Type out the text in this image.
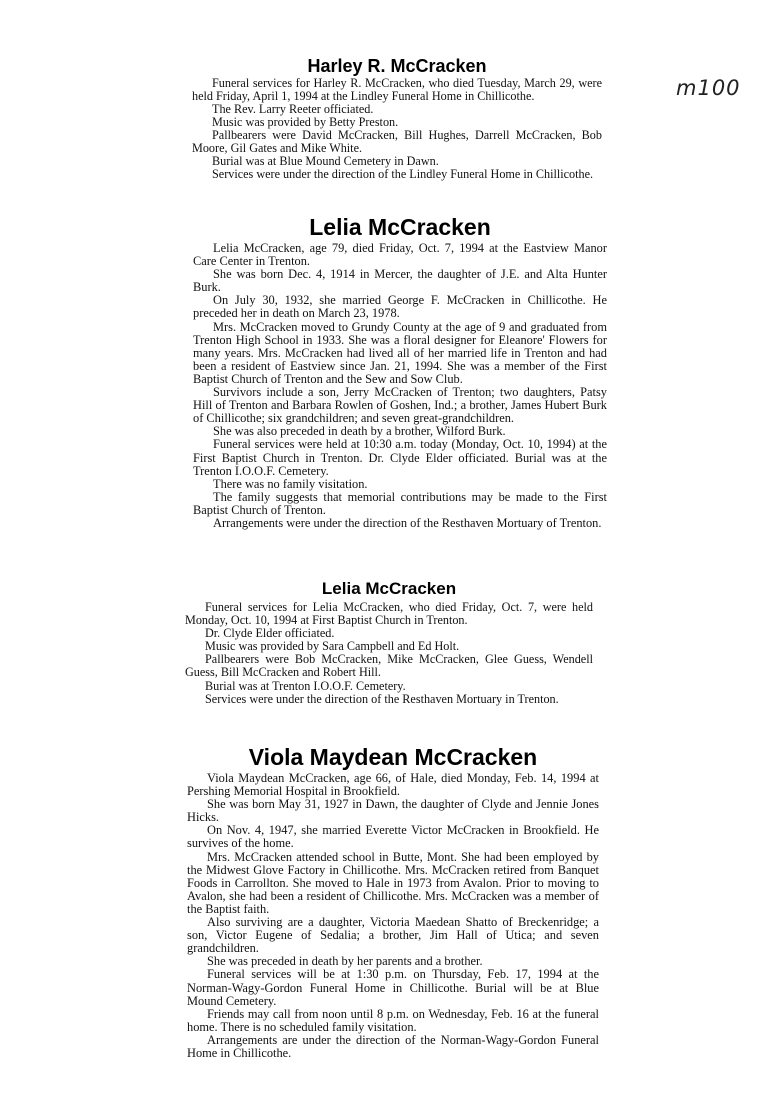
m100
Harley R. McCracken

Funeral services for Harley R. McCracken, who died Tuesday, March 29, were held Friday, April 1, 1994 at the Lindley Funeral Home in Chillicothe.

The Rev. Larry Reeter officiated.

Music was provided by Betty Preston.

Pallbearers were David McCracken, Bill Hughes, Darrell McCracken, Bob Moore, Gil Gates and Mike White.

Burial was at Blue Mound Cemetery in Dawn.

Services were under the direction of the Lindley Funeral Home in Chillicothe.

Lelia McCracken

Lelia McCracken, age 79, died Friday, Oct. 7, 1994 at the Eastview Manor Care Center in Trenton.

She was born Dec. 4, 1914 in Mercer, the daughter of J.E. and Alta Hunter Burk.

On July 30, 1932, she married George F. McCracken in Chillicothe. He preceded her in death on March 23, 1978.

Mrs. McCracken moved to Grundy County at the age of 9 and graduated from Trenton High School in 1933. She was a floral designer for Eleanore' Flowers for many years. Mrs. McCracken had lived all of her married life in Trenton and had been a resident of Eastview since Jan. 21, 1994. She was a member of the First Baptist Church of Trenton and the Sew and Sow Club.

Survivors include a son, Jerry McCracken of Trenton; two daughters, Patsy Hill of Trenton and Barbara Rowlen of Goshen, Ind.; a brother, James Hubert Burk of Chillicothe; six grandchildren; and seven great-grandchildren.

She was also preceded in death by a brother, Wilford Burk.

Funeral services were held at 10:30 a.m. today (Monday, Oct. 10, 1994) at the First Baptist Church in Trenton. Dr. Clyde Elder officiated. Burial was at the Trenton I.O.O.F. Cemetery.

There was no family visitation.

The family suggests that memorial contributions may be made to the First Baptist Church of Trenton.

Arrangements were under the direction of the Resthaven Mortuary of Trenton.

Lelia McCracken

Funeral services for Lelia McCracken, who died Friday, Oct. 7, were held Monday, Oct. 10, 1994 at First Baptist Church in Trenton.

Dr. Clyde Elder officiated.

Music was provided by Sara Campbell and Ed Holt.

Pallbearers were Bob McCracken, Mike McCracken, Glee Guess, Wendell Guess, Bill McCracken and Robert Hill.

Burial was at Trenton I.O.O.F. Cemetery.

Services were under the direction of the Resthaven Mortuary in Trenton.

Viola Maydean McCracken

Viola Maydean McCracken, age 66, of Hale, died Monday, Feb. 14, 1994 at Pershing Memorial Hospital in Brookfield.

She was born May 31, 1927 in Dawn, the daughter of Clyde and Jennie Jones Hicks.

On Nov. 4, 1947, she married Everette Victor McCracken in Brookfield. He survives of the home.

Mrs. McCracken attended school in Butte, Mont. She had been employed by the Midwest Glove Factory in Chillicothe. Mrs. McCracken retired from Banquet Foods in Carrollton. She moved to Hale in 1973 from Avalon. Prior to moving to Avalon, she had been a resident of Chillicothe. Mrs. McCracken was a member of the Baptist faith.

Also surviving are a daughter, Victoria Maedean Shatto of Breckenridge; a son, Victor Eugene of Sedalia; a brother, Jim Hall of Utica; and seven grandchildren.

She was preceded in death by her parents and a brother.

Funeral services will be at 1:30 p.m. on Thursday, Feb. 17, 1994 at the Norman-Wagy-Gordon Funeral Home in Chillicothe. Burial will be at Blue Mound Cemetery.

Friends may call from noon until 8 p.m. on Wednesday, Feb. 16 at the funeral home. There is no scheduled family visitation.

Arrangements are under the direction of the Norman-Wagy-Gordon Funeral Home in Chillicothe.
